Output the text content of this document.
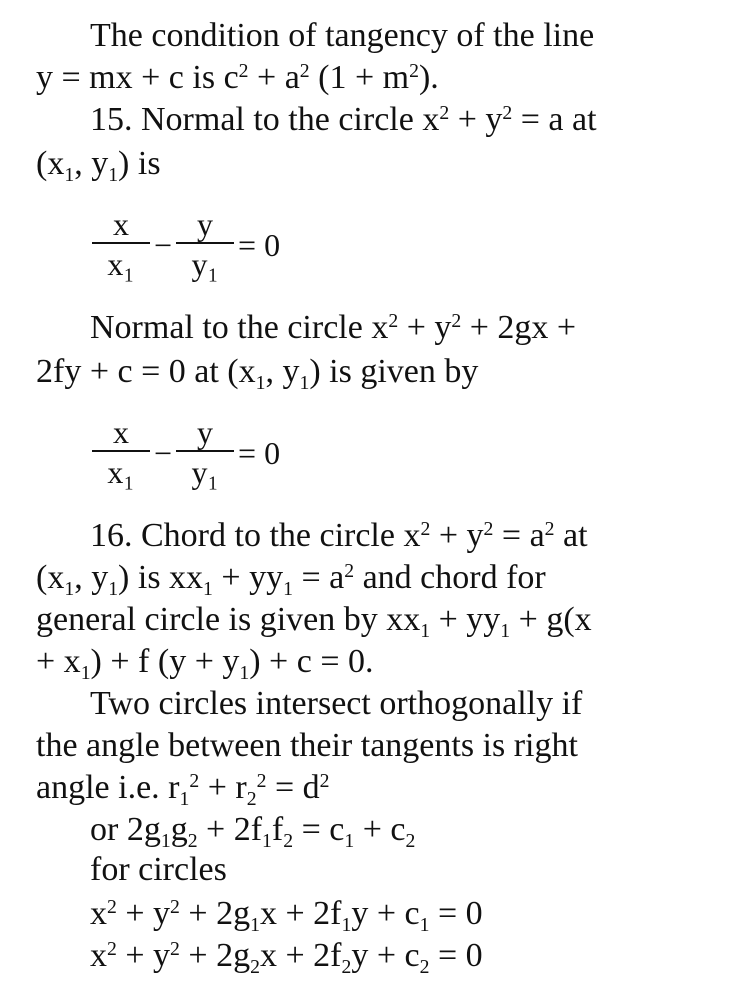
The condition of tangency of the line
y = mx + c is $c^2 + a^2$ $(1 + m^2)$.
15. Normal to the circle $x^2 + y^2 = a$ at
($x_1$, $y_1$) is
$\frac{x}{\text{x₁}} - \frac{y}{\text{y₁}} = 0$
Normal to the circle $x^2 + y^2 + 2gx$ +
2fy + c = 0 at ($x_1$, $y_1$) is given by
$\frac{x}{\text{x₁}} - \frac{y}{\text{y₁}} = 0$
16. Chord to the circle $x^2 + y^2 = a^2$ at
($x_1$, $y_1$) is $xx_1 + yy_1 = a^2$ and chord for
general circle is given by $xx_1 + yy_1 + g(x$
+ $x_1) + f$ $(y + y_1) + c = 0$.
Two circles intersect orthogonally if
the angle between their tangents is right
angle i.e. $r_1^2 + r_2^2 = d^2$
or $2g_1g_2 + 2f_1f_2 = c_1 + c_2$
for circles
$x^2 + y^2 + 2g_1x + 2f_1y + c_1 = 0$
$x^2 + y^2 + 2g_2x + 2f_2y + c_2 = 0$
